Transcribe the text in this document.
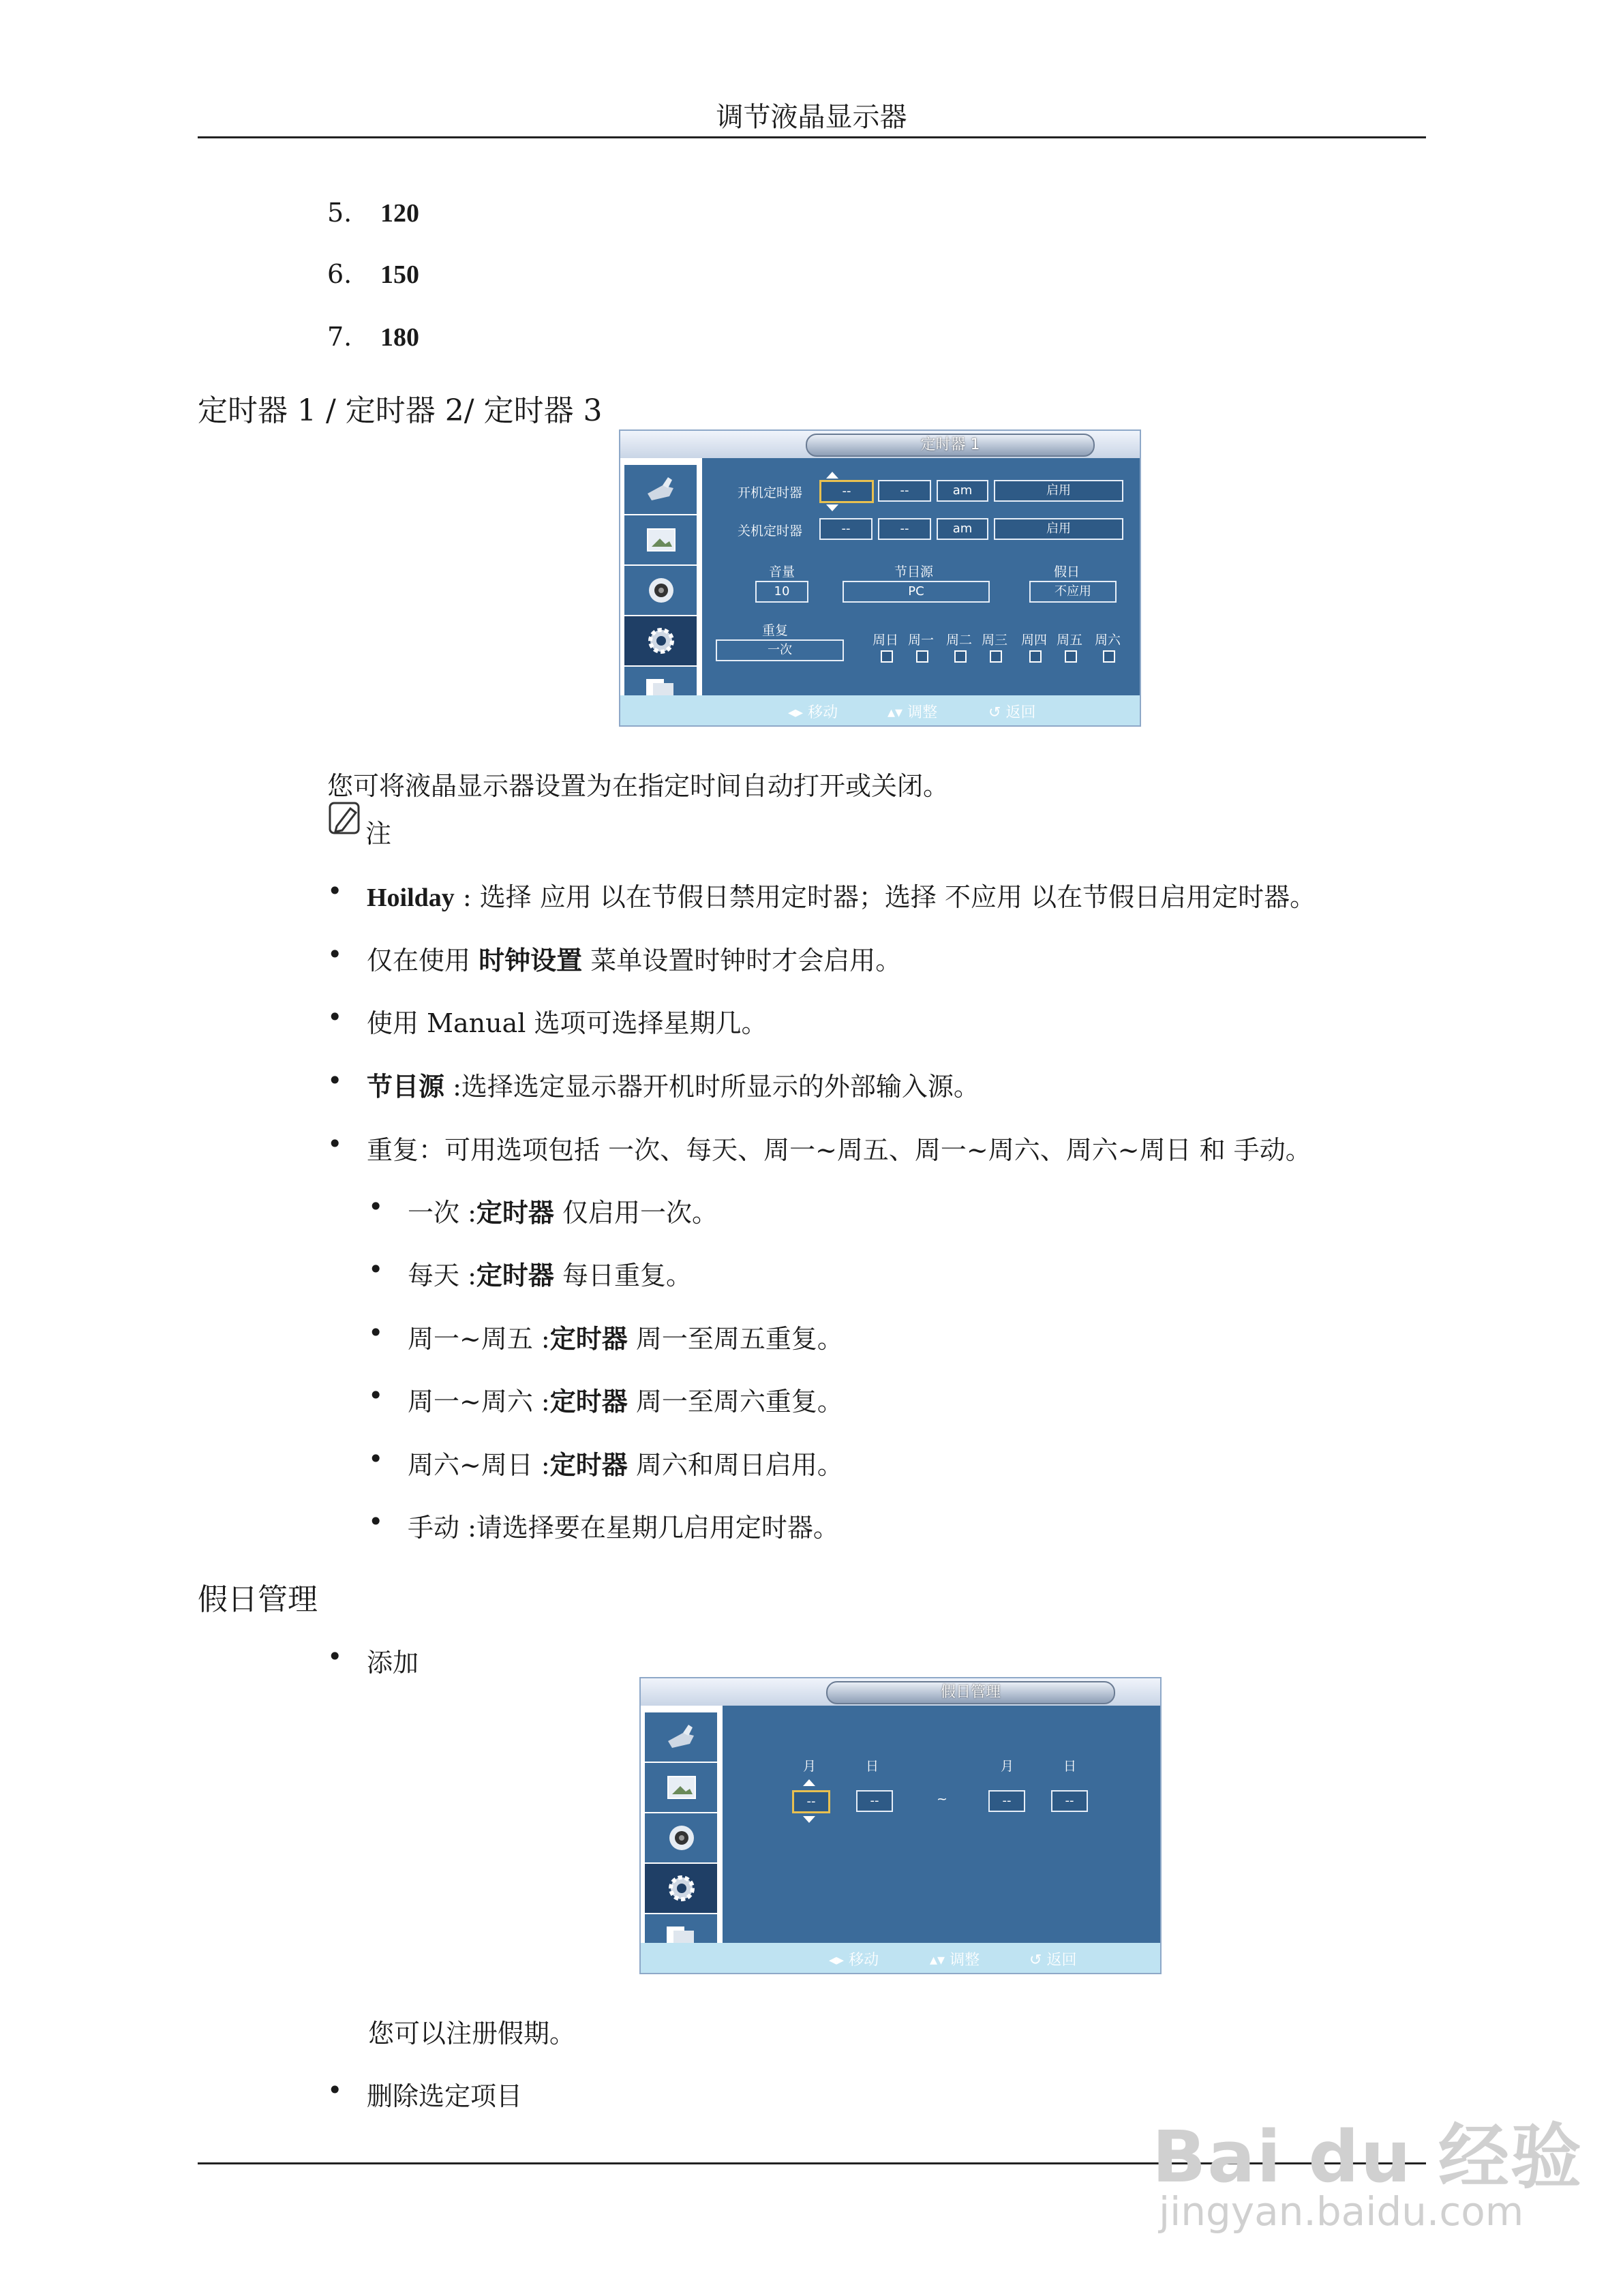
调节液晶显示器
5. 120
6. 150
7. 180
定时器 1 / 定时器 2/ 定时器 3
定时器 1
开机定时器	--	--	am	启用
关机定时器	--	--	am	启用
音量
10
节目源
PC
假日
不应用
重复
一次
周日 周一 周二 周三 周四 周五 周六
◂▸ 移动	▴▾ 调整	↺ 返回
您可将液晶显示器设置为在指定时间自动打开或关闭。
注
• Hoilday : 选择 应用 以在节假日禁用定时器；选择 不应用 以在节假日启用定时器。
• 仅在使用 时钟设置 菜单设置时钟时才会启用。
• 使用 Manual 选项可选择星期几。
• 节目源 :选择选定显示器开机时所显示的外部输入源。
• 重复：可用选项包括 一次、每天、周一~周五、周一~周六、周六~周日 和 手动。
• 一次 :定时器 仅启用一次。
• 每天 :定时器 每日重复。
• 周一~周五 :定时器 周一至周五重复。
• 周一~周六 :定时器 周一至周六重复。
• 周六~周日 :定时器 周六和周日启用。
• 手动 :请选择要在星期几启用定时器。
假日管理
• 添加
假日管理
月	日	月	日
--	--	~	--	--
◂▸ 移动	▴▾ 调整	↺ 返回
您可以注册假期。
• 删除选定项目
Bai du 经验
jingyan.baidu.com
